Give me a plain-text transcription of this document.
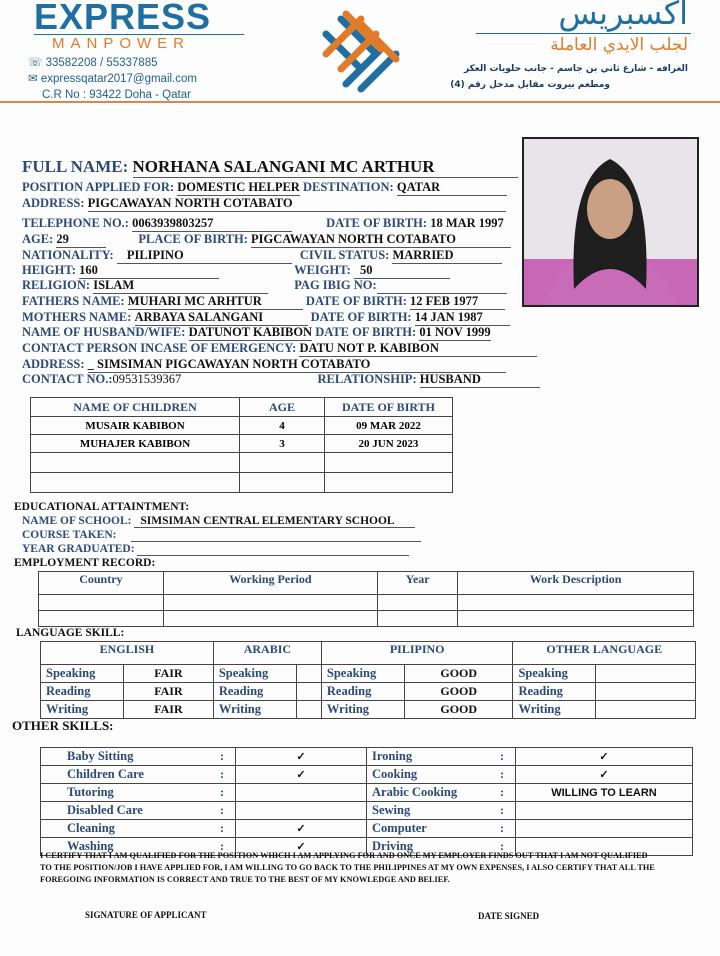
EXPRESS
MANPOWER
☏ 33582208 / 55337885
✉ expressqatar2017@gmail.com
C.R No : 93422 Doha - Qatar
اكسبريس
لجلب الايدي العاملة
الغرافه - شارع ثاني بن جاسم - جانب حلويات العكر
ومطعم بيروت مقابل مدخل رقم (4)
FULL NAME: NORHANA SALANGANI MC ARTHUR
POSITION APPLIED FOR: DOMESTIC HELPER DESTINATION: QATAR
ADDRESS: PIGCAWAYAN NORTH COTABATO
TELEPHONE NO.: 0063939803257	DATE OF BIRTH: 18 MAR 1997
AGE: 29	PLACE OF BIRTH: PIGCAWAYAN NORTH COTABATO
NATIONALITY: PILIPINO	CIVIL STATUS: MARRIED
HEIGHT: 160	WEIGHT: 50
RELIGION: ISLAM	PAG IBIG NO:
FATHERS NAME: MUHARI MC ARHTUR	DATE OF BIRTH: 12 FEB 1977
MOTHERS NAME: ARBAYA SALANGANI	DATE OF BIRTH: 14 JAN 1987
NAME OF HUSBAND/WIFE: DATUNOT KABIBON DATE OF BIRTH: 01 NOV 1999
CONTACT PERSON INCASE OF EMERGENCY: DATU NOT P. KABIBON
ADDRESS: _ SIMSIMAN PIGCAWAYAN NORTH COTABATO
CONTACT NO.:09531539367	RELATIONSHIP: HUSBAND
NAME OF CHILDREN	AGE	DATE OF BIRTH
MUSAIR KABIBON	4	09 MAR 2022
MUHAJER KABIBON	3	20 JUN 2023

EDUCATIONAL ATTAINTMENT:
NAME OF SCHOOL: SIMSIMAN CENTRAL ELEMENTARY SCHOOL
COURSE TAKEN:
YEAR GRADUATED:
EMPLOYMENT RECORD:
Country	Working Period	Year	Work Description

LANGUAGE SKILL:
ENGLISH		ARABIC		PILIPINO		OTHER LANGUAGE	
Speaking	FAIR	Speaking		Speaking	GOOD	Speaking	
Reading	FAIR	Reading		Reading	GOOD	Reading	
Writing	FAIR	Writing		Writing	GOOD	Writing	
OTHER SKILLS:
Baby Sitting	:	✓	Ironing	:	✓
Children Care	:	✓	Cooking	:	✓
Tutoring	:		Arabic Cooking	:	WILLING TO LEARN
Disabled Care	:		Sewing	:	
Cleaning	:	✓	Computer	:	
Washing	:	✓	Driving	:	
I CERTIFY THAT I AM QUALIFIED FOR THE POSITION WHICH I AM APPLYING FOR AND ONCE MY EMPLOYER FINDS OUT THAT I AM NOT QUALIFIED TO THE POSITION/JOB I HAVE APPLIED FOR, I AM WILLING TO GO BACK TO THE PHILIPPINES AT MY OWN EXPENSES, I ALSO CERTIFY THAT ALL THE FOREGOING INFORMATION IS CORRECT AND TRUE TO THE BEST OF MY KNOWLEDGE AND BELIEF.
SIGNATURE OF APPLICANT	DATE SIGNED
